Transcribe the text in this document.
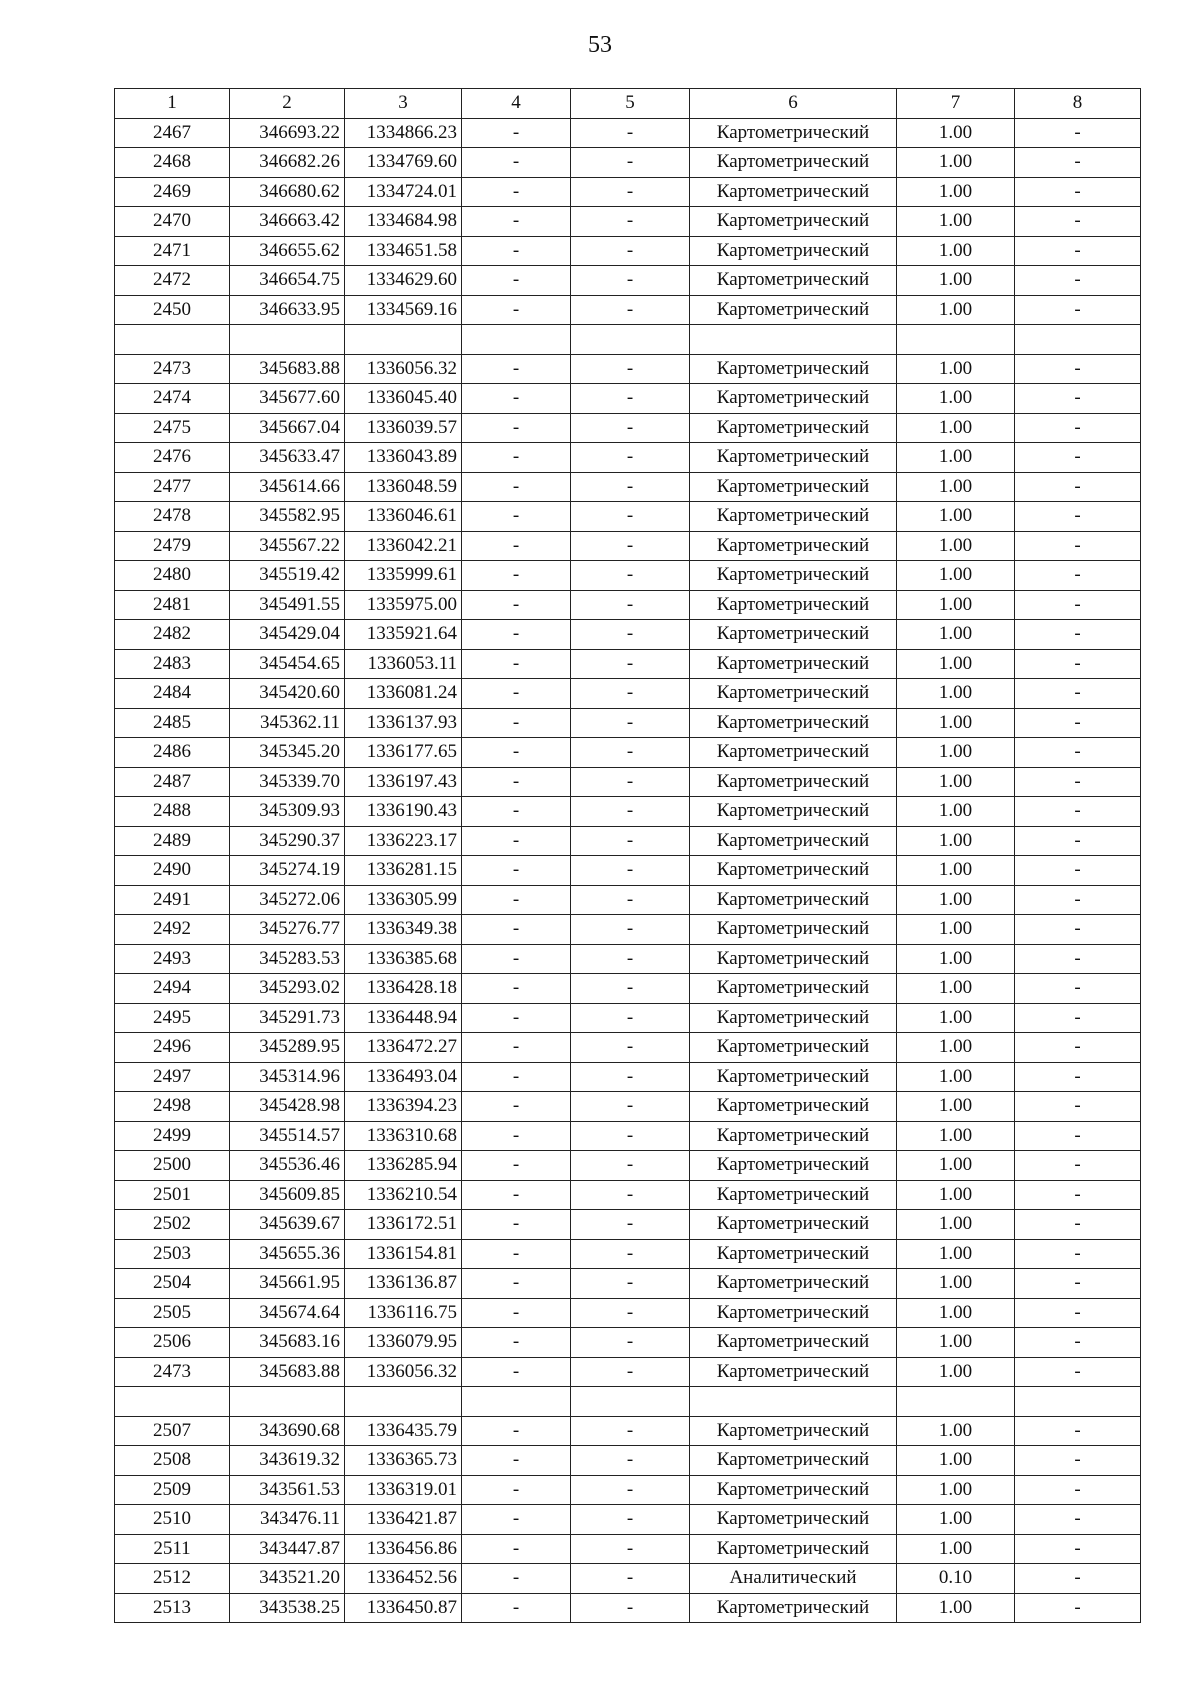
53
1	2	3	4	5	6	7	8
2467	346693.22	1334866.23	-	-	Картометрический	1.00	-
2468	346682.26	1334769.60	-	-	Картометрический	1.00	-
2469	346680.62	1334724.01	-	-	Картометрический	1.00	-
2470	346663.42	1334684.98	-	-	Картометрический	1.00	-
2471	346655.62	1334651.58	-	-	Картометрический	1.00	-
2472	346654.75	1334629.60	-	-	Картометрический	1.00	-
2450	346633.95	1334569.16	-	-	Картометрический	1.00	-

2473	345683.88	1336056.32	-	-	Картометрический	1.00	-
2474	345677.60	1336045.40	-	-	Картометрический	1.00	-
2475	345667.04	1336039.57	-	-	Картометрический	1.00	-
2476	345633.47	1336043.89	-	-	Картометрический	1.00	-
2477	345614.66	1336048.59	-	-	Картометрический	1.00	-
2478	345582.95	1336046.61	-	-	Картометрический	1.00	-
2479	345567.22	1336042.21	-	-	Картометрический	1.00	-
2480	345519.42	1335999.61	-	-	Картометрический	1.00	-
2481	345491.55	1335975.00	-	-	Картометрический	1.00	-
2482	345429.04	1335921.64	-	-	Картометрический	1.00	-
2483	345454.65	1336053.11	-	-	Картометрический	1.00	-
2484	345420.60	1336081.24	-	-	Картометрический	1.00	-
2485	345362.11	1336137.93	-	-	Картометрический	1.00	-
2486	345345.20	1336177.65	-	-	Картометрический	1.00	-
2487	345339.70	1336197.43	-	-	Картометрический	1.00	-
2488	345309.93	1336190.43	-	-	Картометрический	1.00	-
2489	345290.37	1336223.17	-	-	Картометрический	1.00	-
2490	345274.19	1336281.15	-	-	Картометрический	1.00	-
2491	345272.06	1336305.99	-	-	Картометрический	1.00	-
2492	345276.77	1336349.38	-	-	Картометрический	1.00	-
2493	345283.53	1336385.68	-	-	Картометрический	1.00	-
2494	345293.02	1336428.18	-	-	Картометрический	1.00	-
2495	345291.73	1336448.94	-	-	Картометрический	1.00	-
2496	345289.95	1336472.27	-	-	Картометрический	1.00	-
2497	345314.96	1336493.04	-	-	Картометрический	1.00	-
2498	345428.98	1336394.23	-	-	Картометрический	1.00	-
2499	345514.57	1336310.68	-	-	Картометрический	1.00	-
2500	345536.46	1336285.94	-	-	Картометрический	1.00	-
2501	345609.85	1336210.54	-	-	Картометрический	1.00	-
2502	345639.67	1336172.51	-	-	Картометрический	1.00	-
2503	345655.36	1336154.81	-	-	Картометрический	1.00	-
2504	345661.95	1336136.87	-	-	Картометрический	1.00	-
2505	345674.64	1336116.75	-	-	Картометрический	1.00	-
2506	345683.16	1336079.95	-	-	Картометрический	1.00	-
2473	345683.88	1336056.32	-	-	Картометрический	1.00	-

2507	343690.68	1336435.79	-	-	Картометрический	1.00	-
2508	343619.32	1336365.73	-	-	Картометрический	1.00	-
2509	343561.53	1336319.01	-	-	Картометрический	1.00	-
2510	343476.11	1336421.87	-	-	Картометрический	1.00	-
2511	343447.87	1336456.86	-	-	Картометрический	1.00	-
2512	343521.20	1336452.56	-	-	Аналитический	0.10	-
2513	343538.25	1336450.87	-	-	Картометрический	1.00	-
